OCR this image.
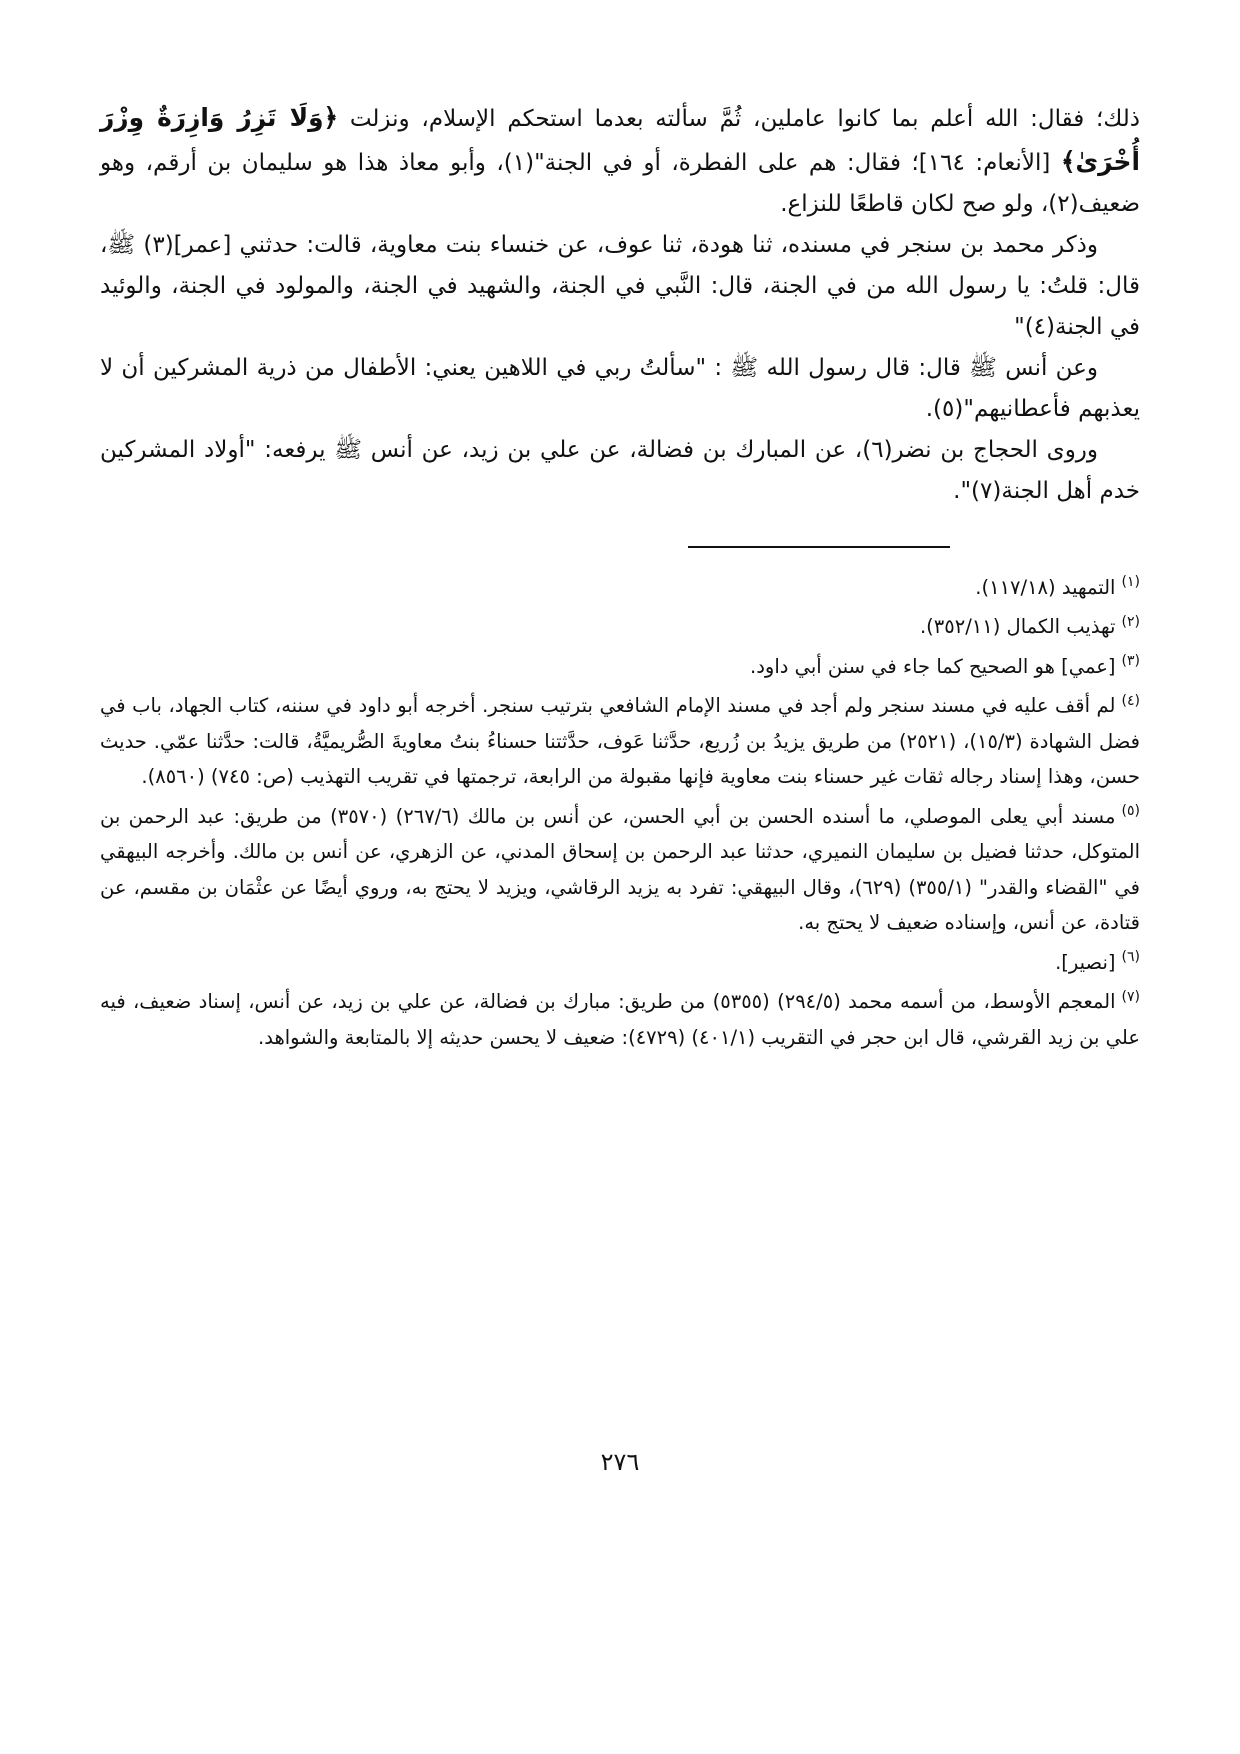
ذلك؛ فقال: الله أعلم بما كانوا عاملين، ثُمَّ سألته بعدما استحكم الإسلام، ونزلت ﴿وَلَا تَزِرُ وَازِرَةٌ وِزْرَ أُخْرَىٰ﴾ [الأنعام: ١٦٤]؛ فقال: هم على الفطرة، أو في الجنة"(١)، وأبو معاذ هذا هو سليمان بن أرقم، وهو ضعيف(٢)، ولو صح لكان قاطعًا للنزاع.

وذكر محمد بن سنجر في مسنده، ثنا هودة، ثنا عوف، عن خنساء بنت معاوية، قالت: حدثني [عمر](٣) ﷺ، قال: قلتُ: يا رسول الله من في الجنة، قال: النَّبي في الجنة، والشهيد في الجنة، والمولود في الجنة، والوئيد في الجنة(٤)"

وعن أنس ﷺ قال: قال رسول الله ﷺ : "سألتُ ربي في اللاهين يعني: الأطفال من ذرية المشركين أن لا يعذبهم فأعطانيهم"(٥).

وروى الحجاج بن نضر(٦)، عن المبارك بن فضالة، عن علي بن زيد، عن أنس ﷺ يرفعه: "أولاد المشركين خدم أهل الجنة(٧)".

$^{(١)}$التمهيد (١١٧/١٨).
$^{(٢)}$تهذيب الكمال (٣٥٢/١١).
$^{(٣)}$[عمي] هو الصحيح كما جاء في سنن أبي داود.
$^{(٤)}$لم أقف عليه في مسند سنجر ولم أجد في مسند الإمام الشافعي بترتيب سنجر. أخرجه أبو داود في سننه، كتاب الجهاد، باب في فضل الشهادة (١٥/٣)، (٢٥٢١) من طريق يزيدُ بن زُريع، حدَّثنا عَوف، حدَّثتنا حسناءُ بنتُ معاويةَ الصُّريميَّةُ، قالت: حدَّثنا عمّي. حديث حسن، وهذا إسناد رجاله ثقات غير حسناء بنت معاوية فإنها مقبولة من الرابعة، ترجمتها في تقريب التهذيب (ص: ٧٤٥) (٨٥٦٠).
$^{(٥)}$مسند أبي يعلى الموصلي، ما أسنده الحسن بن أبي الحسن، عن أنس بن مالك (٢٦٧/٦) (٣٥٧٠) من طريق: عبد الرحمن بن المتوكل، حدثنا فضيل بن سليمان النميري، حدثنا عبد الرحمن بن إسحاق المدني، عن الزهري، عن أنس بن مالك. وأخرجه البيهقي في "القضاء والقدر" (٣٥٥/١) (٦٢٩)، وقال البيهقي: تفرد به يزيد الرقاشي، ويزيد لا يحتج به، وروي أيضًا عن عثْمَان بن مقسم، عن قتادة، عن أنس، وإسناده ضعيف لا يحتج به.
$^{(٦)}$[نصير].
$^{(٧)}$المعجم الأوسط، من أسمه محمد (٢٩٤/٥) (٥٣٥٥) من طريق: مبارك بن فضالة، عن علي بن زيد، عن أنس، إسناد ضعيف، فيه علي بن زيد القرشي، قال ابن حجر في التقريب (٤٠١/١) (٤٧٢٩): ضعيف لا يحسن حديثه إلا بالمتابعة والشواهد.
٢٧٦
